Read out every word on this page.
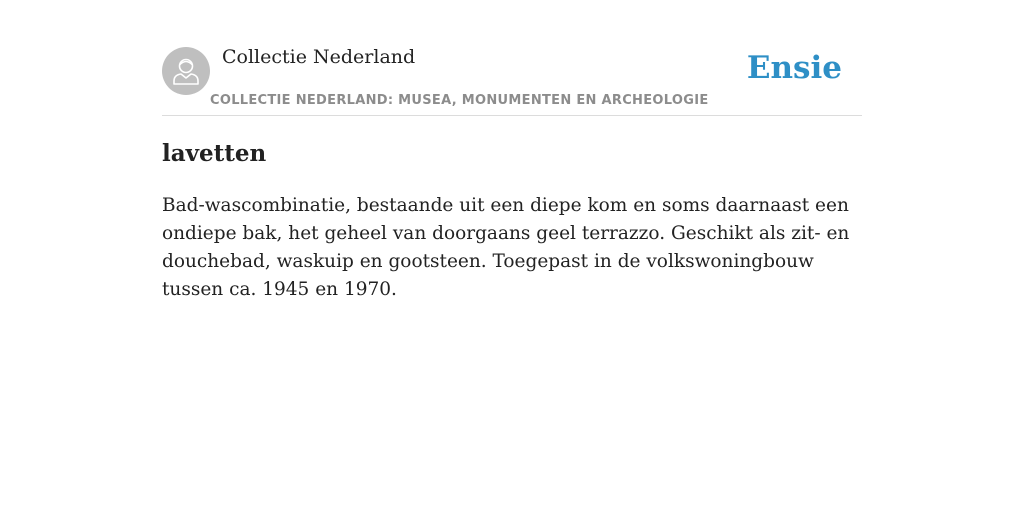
Collectie Nederland
COLLECTIE NEDERLAND: MUSEA, MONUMENTEN EN ARCHEOLOGIE
Ensie
lavetten

Bad-wascombinatie, bestaande uit een diepe kom en soms daarnaast een ondiepe bak, het geheel van doorgaans geel terrazzo. Geschikt als zit- en douchebad, waskuip en gootsteen. Toegepast in de volkswoningbouw tussen ca. 1945 en 1970.
